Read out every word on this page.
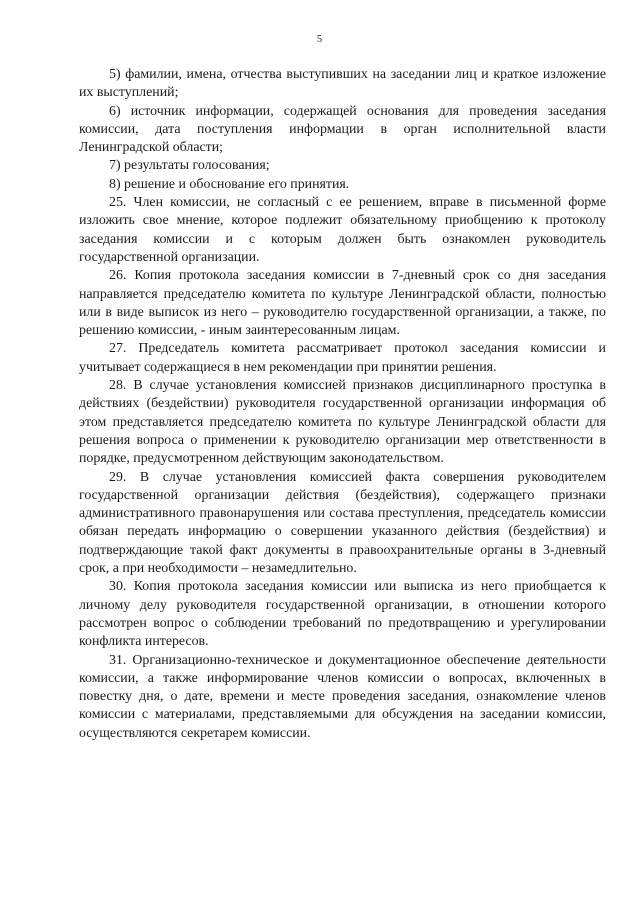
5

5) фамилии, имена, отчества выступивших на заседании лиц и краткое изложение их выступлений;

6) источник информации, содержащей основания для проведения заседания комиссии, дата поступления информации в орган исполнительной власти Ленинградской области;

7) результаты голосования;

8) решение и обоснование его принятия.

25. Член комиссии, не согласный с ее решением, вправе в письменной форме изложить свое мнение, которое подлежит обязательному приобщению к протоколу заседания комиссии и с которым должен быть ознакомлен руководитель государственной организации.

26. Копия протокола заседания комиссии в 7-дневный срок со дня заседания направляется председателю комитета по культуре Ленинградской области, полностью или в виде выписок из него – руководителю государственной организации, а также, по решению комиссии, - иным заинтересованным лицам.

27. Председатель комитета рассматривает протокол заседания комиссии и учитывает содержащиеся в нем рекомендации при принятии решения.

28. В случае установления комиссией признаков дисциплинарного проступка в действиях (бездействии) руководителя государственной организации информация об этом представляется председателю комитета по культуре Ленинградской области для решения вопроса о применении к руководителю организации мер ответственности в порядке, предусмотренном действующим законодательством.

29. В случае установления комиссией факта совершения руководителем государственной организации действия (бездействия), содержащего признаки административного правонарушения или состава преступления, председатель комиссии обязан передать информацию о совершении указанного действия (бездействия) и подтверждающие такой факт документы в правоохранительные органы в 3-дневный срок, а при необходимости – незамедлительно.

30. Копия протокола заседания комиссии или выписка из него приобщается к личному делу руководителя государственной организации, в отношении которого рассмотрен вопрос о соблюдении требований по предотвращению и урегулировании конфликта интересов.

31. Организационно-техническое и документационное обеспечение деятельности комиссии, а также информирование членов комиссии о вопросах, включенных в повестку дня, о дате, времени и месте проведения заседания, ознакомление членов комиссии с материалами, представляемыми для обсуждения на заседании комиссии, осуществляются секретарем комиссии.
